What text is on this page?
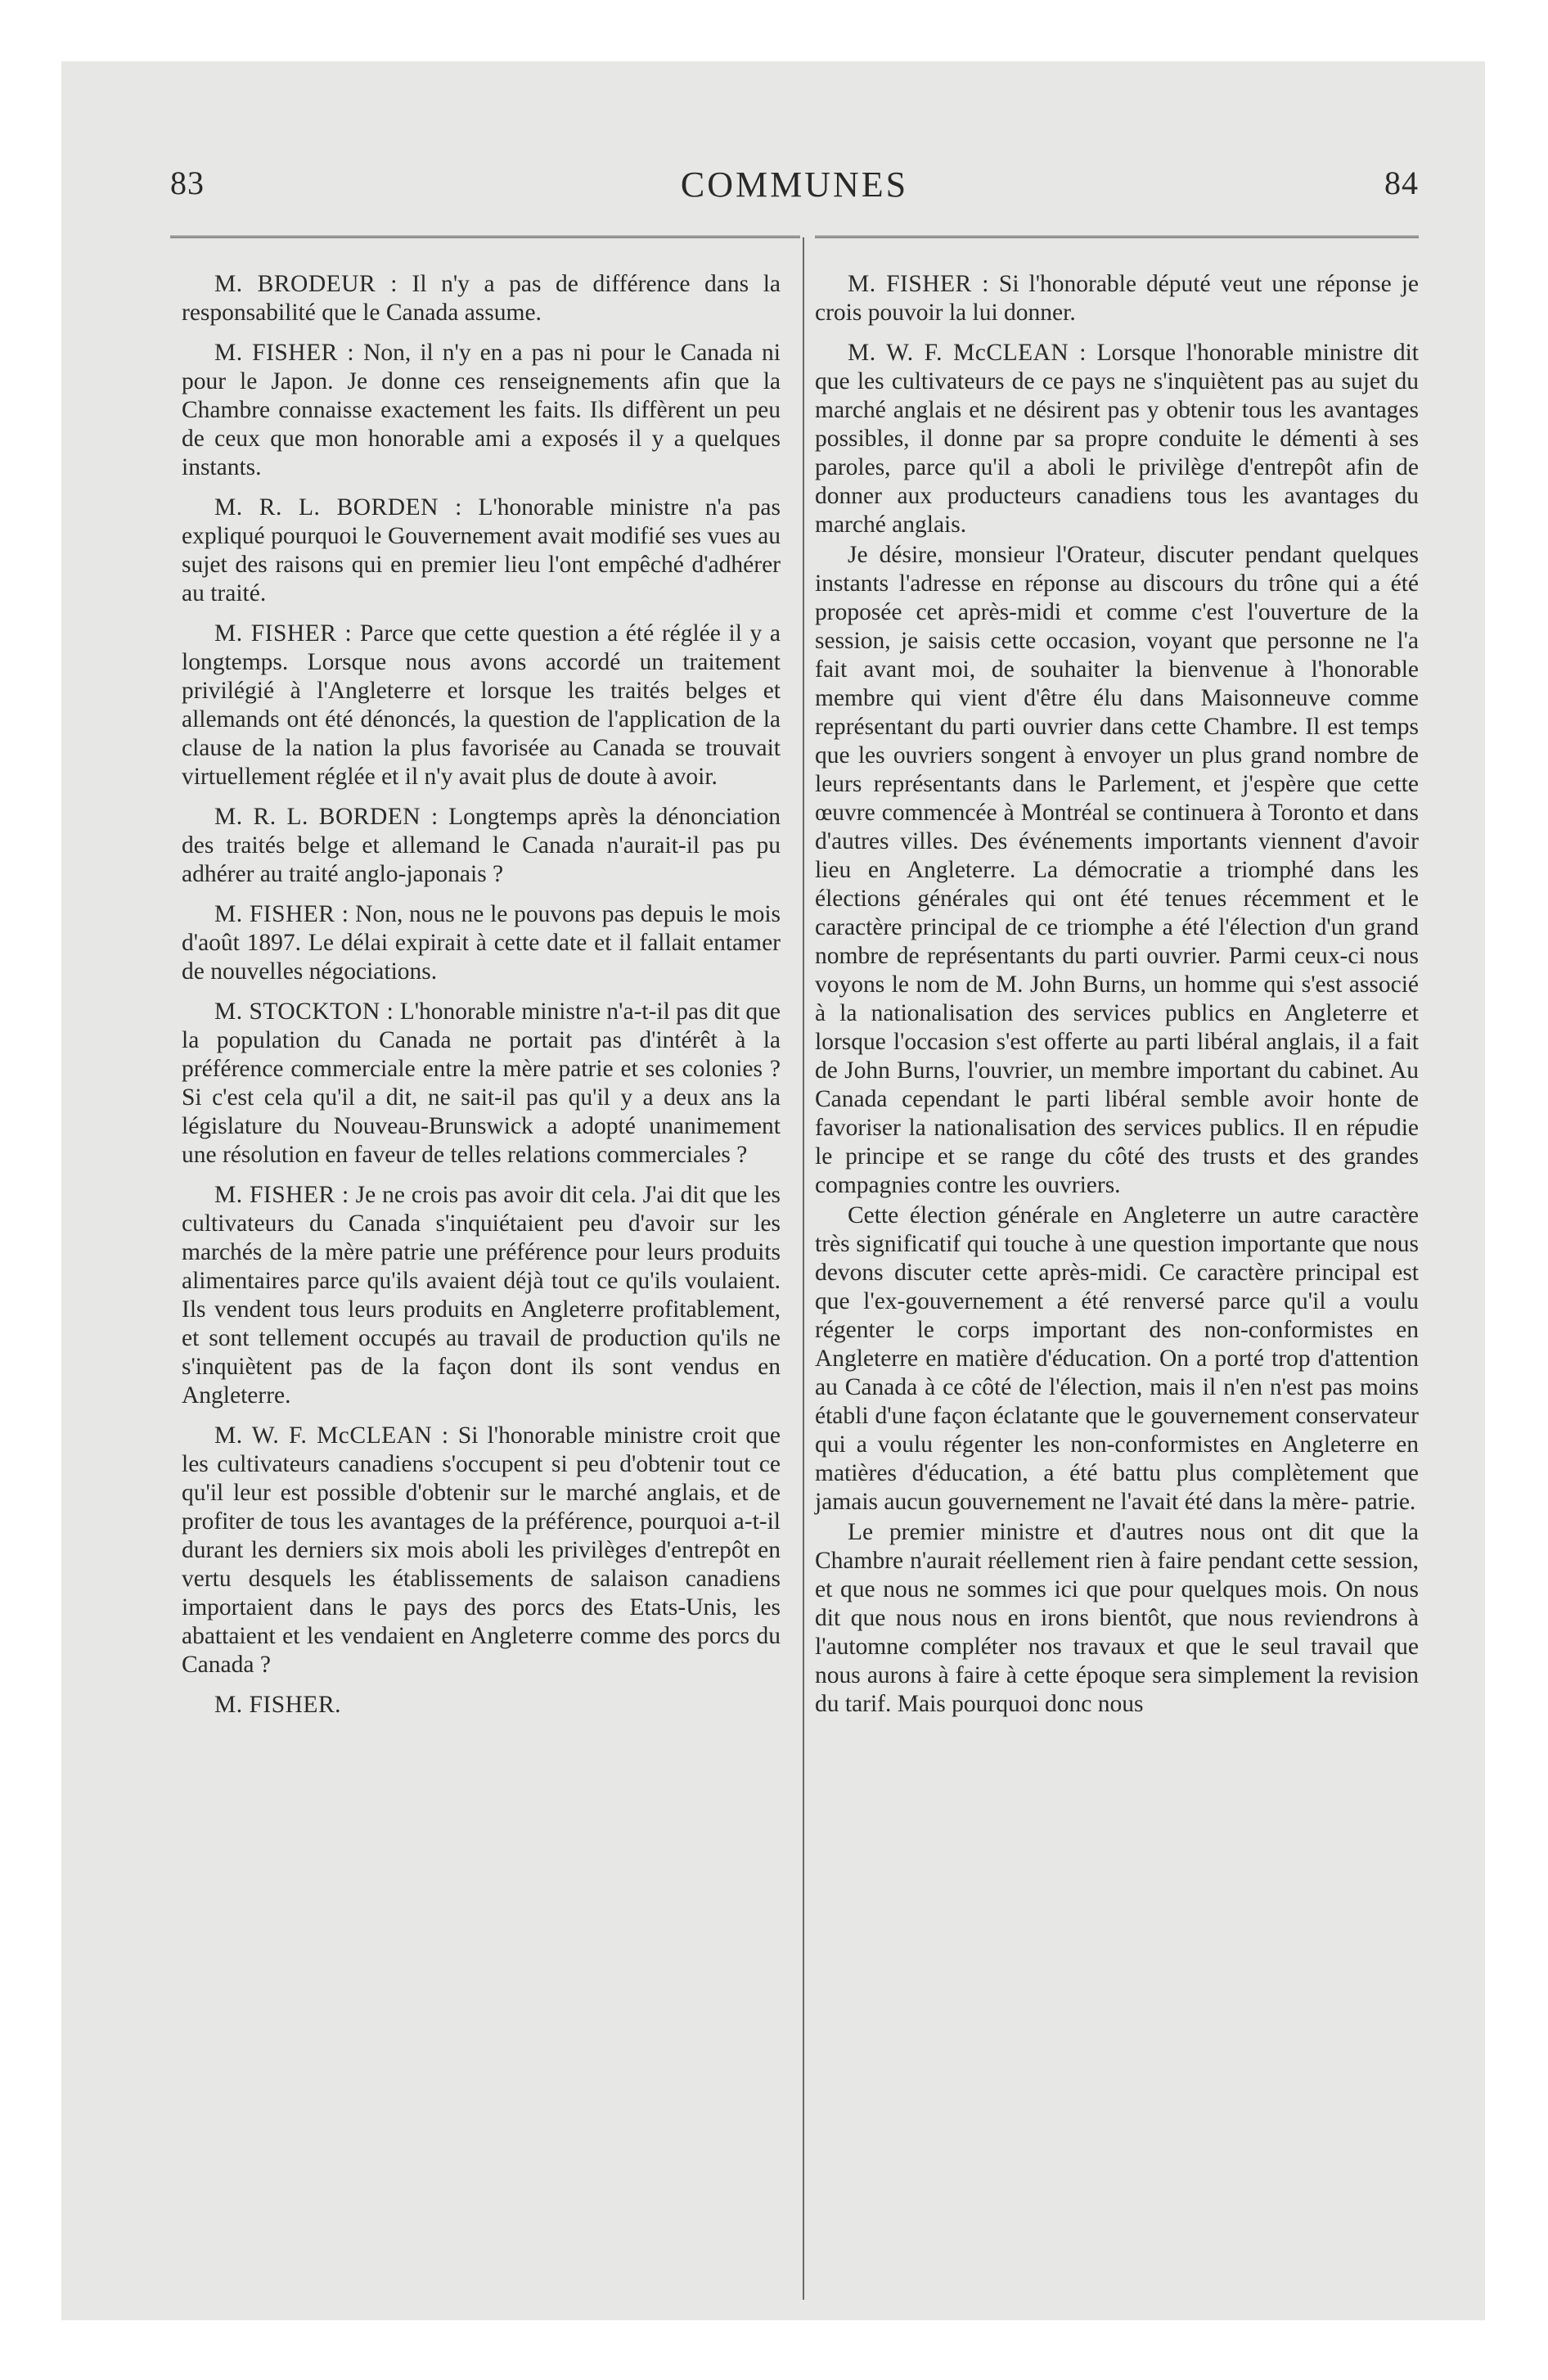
83	COMMUNES	84

M. BRODEUR : Il n'y a pas de différence dans la responsabilité que le Canada assume.

M. FISHER : Non, il n'y en a pas ni pour le Canada ni pour le Japon. Je donne ces renseignements afin que la Chambre connaisse exactement les faits. Ils diffèrent un peu de ceux que mon honorable ami a exposés il y a quelques instants.

M. R. L. BORDEN : L'honorable ministre n'a pas expliqué pourquoi le Gouvernement avait modifié ses vues au sujet des raisons qui en premier lieu l'ont empêché d'adhérer au traité.

M. FISHER : Parce que cette question a été réglée il y a longtemps. Lorsque nous avons accordé un traitement privilégié à l'Angleterre et lorsque les traités belges et allemands ont été dénoncés, la question de l'application de la clause de la nation la plus favorisée au Canada se trouvait virtuellement réglée et il n'y avait plus de doute à avoir.

M. R. L. BORDEN : Longtemps après la dénonciation des traités belge et allemand le Canada n'aurait-il pas pu adhérer au traité anglo-japonais ?

M. FISHER : Non, nous ne le pouvons pas depuis le mois d'août 1897. Le délai expirait à cette date et il fallait entamer de nouvelles négociations.

M. STOCKTON : L'honorable ministre n'a-t-il pas dit que la population du Canada ne portait pas d'intérêt à la préférence commerciale entre la mère patrie et ses colonies ? Si c'est cela qu'il a dit, ne sait-il pas qu'il y a deux ans la législature du Nouveau-Brunswick a adopté unanimement une résolution en faveur de telles relations commerciales ?

M. FISHER : Je ne crois pas avoir dit cela. J'ai dit que les cultivateurs du Canada s'inquiétaient peu d'avoir sur les marchés de la mère patrie une préférence pour leurs produits alimentaires parce qu'ils avaient déjà tout ce qu'ils voulaient. Ils vendent tous leurs produits en Angleterre profitablement, et sont tellement occupés au travail de production qu'ils ne s'inquiètent pas de la façon dont ils sont vendus en Angleterre.

M. W. F. McCLEAN : Si l'honorable ministre croit que les cultivateurs canadiens s'occupent si peu d'obtenir tout ce qu'il leur est possible d'obtenir sur le marché anglais, et de profiter de tous les avantages de la préférence, pourquoi a-t-il durant les derniers six mois aboli les privilèges d'entrepôt en vertu desquels les établissements de salaison canadiens importaient dans le pays des porcs des Etats-Unis, les abattaient et les vendaient en Angleterre comme des porcs du Canada ?

M. FISHER.

M. FISHER : Si l'honorable député veut une réponse je crois pouvoir la lui donner.

M. W. F. McCLEAN : Lorsque l'honorable ministre dit que les cultivateurs de ce pays ne s'inquiètent pas au sujet du marché anglais et ne désirent pas y obtenir tous les avantages possibles, il donne par sa propre conduite le démenti à ses paroles, parce qu'il a aboli le privilège d'entrepôt afin de donner aux producteurs canadiens tous les avantages du marché anglais.

Je désire, monsieur l'Orateur, discuter pendant quelques instants l'adresse en réponse au discours du trône qui a été proposée cet après-midi et comme c'est l'ouverture de la session, je saisis cette occasion, voyant que personne ne l'a fait avant moi, de souhaiter la bienvenue à l'honorable membre qui vient d'être élu dans Maisonneuve comme représentant du parti ouvrier dans cette Chambre. Il est temps que les ouvriers songent à envoyer un plus grand nombre de leurs représentants dans le Parlement, et j'espère que cette œuvre commencée à Montréal se continuera à Toronto et dans d'autres villes. Des événements importants viennent d'avoir lieu en Angleterre. La démocratie a triomphé dans les élections générales qui ont été tenues récemment et le caractère principal de ce triomphe a été l'élection d'un grand nombre de représentants du parti ouvrier. Parmi ceux-ci nous voyons le nom de M. John Burns, un homme qui s'est associé à la nationalisation des services publics en Angleterre et lorsque l'occasion s'est offerte au parti libéral anglais, il a fait de John Burns, l'ouvrier, un membre important du cabinet. Au Canada cependant le parti libéral semble avoir honte de favoriser la nationalisation des services publics. Il en répudie le principe et se range du côté des trusts et des grandes compagnies contre les ouvriers.

Cette élection générale en Angleterre un autre caractère très significatif qui touche à une question importante que nous devons discuter cette après-midi. Ce caractère principal est que l'ex-gouvernement a été renversé parce qu'il a voulu régenter le corps important des non-conformistes en Angleterre en matière d'éducation. On a porté trop d'attention au Canada à ce côté de l'élection, mais il n'en n'est pas moins établi d'une façon éclatante que le gouvernement conservateur qui a voulu régenter les non-conformistes en Angleterre en matières d'éducation, a été battu plus complètement que jamais aucun gouvernement ne l'avait été dans la mère- patrie.

Le premier ministre et d'autres nous ont dit que la Chambre n'aurait réellement rien à faire pendant cette session, et que nous ne sommes ici que pour quelques mois. On nous dit que nous nous en irons bientôt, que nous reviendrons à l'automne compléter nos travaux et que le seul travail que nous aurons à faire à cette époque sera simplement la revision du tarif. Mais pourquoi donc nous
